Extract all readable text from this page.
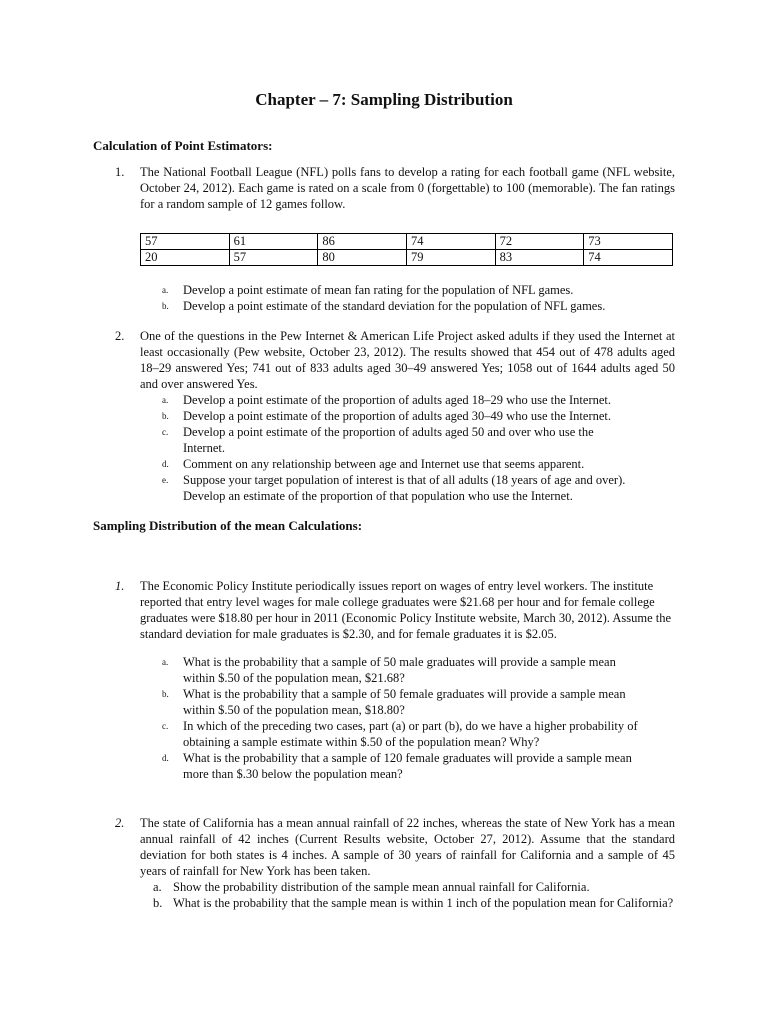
Chapter – 7: Sampling Distribution
Calculation of Point Estimators:
1. The National Football League (NFL) polls fans to develop a rating for each football game (NFL website, October 24, 2012). Each game is rated on a scale from 0 (forgettable) to 100 (memorable). The fan ratings for a random sample of 12 games follow.
57	61	86	74	72	73
20	57	80	79	83	74
a. Develop a point estimate of mean fan rating for the population of NFL games.
b. Develop a point estimate of the standard deviation for the population of NFL games.
2. One of the questions in the Pew Internet & American Life Project asked adults if they used the Internet at least occasionally (Pew website, October 23, 2012). The results showed that 454 out of 478 adults aged 18–29 answered Yes; 741 out of 833 adults aged 30–49 answered Yes; 1058 out of 1644 adults aged 50 and over answered Yes.
a. Develop a point estimate of the proportion of adults aged 18–29 who use the Internet.
b. Develop a point estimate of the proportion of adults aged 30–49 who use the Internet.
c. Develop a point estimate of the proportion of adults aged 50 and over who use the Internet.
d. Comment on any relationship between age and Internet use that seems apparent.
e. Suppose your target population of interest is that of all adults (18 years of age and over). Develop an estimate of the proportion of that population who use the Internet.
Sampling Distribution of the mean Calculations:
1. The Economic Policy Institute periodically issues report on wages of entry level workers. The institute reported that entry level wages for male college graduates were $21.68 per hour and for female college graduates were $18.80 per hour in 2011 (Economic Policy Institute website, March 30, 2012). Assume the standard deviation for male graduates is $2.30, and for female graduates it is $2.05.
a. What is the probability that a sample of 50 male graduates will provide a sample mean within $.50 of the population mean, $21.68?
b. What is the probability that a sample of 50 female graduates will provide a sample mean within $.50 of the population mean, $18.80?
c. In which of the preceding two cases, part (a) or part (b), do we have a higher probability of obtaining a sample estimate within $.50 of the population mean? Why?
d. What is the probability that a sample of 120 female graduates will provide a sample mean more than $.30 below the population mean?
2. The state of California has a mean annual rainfall of 22 inches, whereas the state of New York has a mean annual rainfall of 42 inches (Current Results website, October 27, 2012). Assume that the standard deviation for both states is 4 inches. A sample of 30 years of rainfall for California and a sample of 45 years of rainfall for New York has been taken.
a. Show the probability distribution of the sample mean annual rainfall for California.
b. What is the probability that the sample mean is within 1 inch of the population mean for California?
